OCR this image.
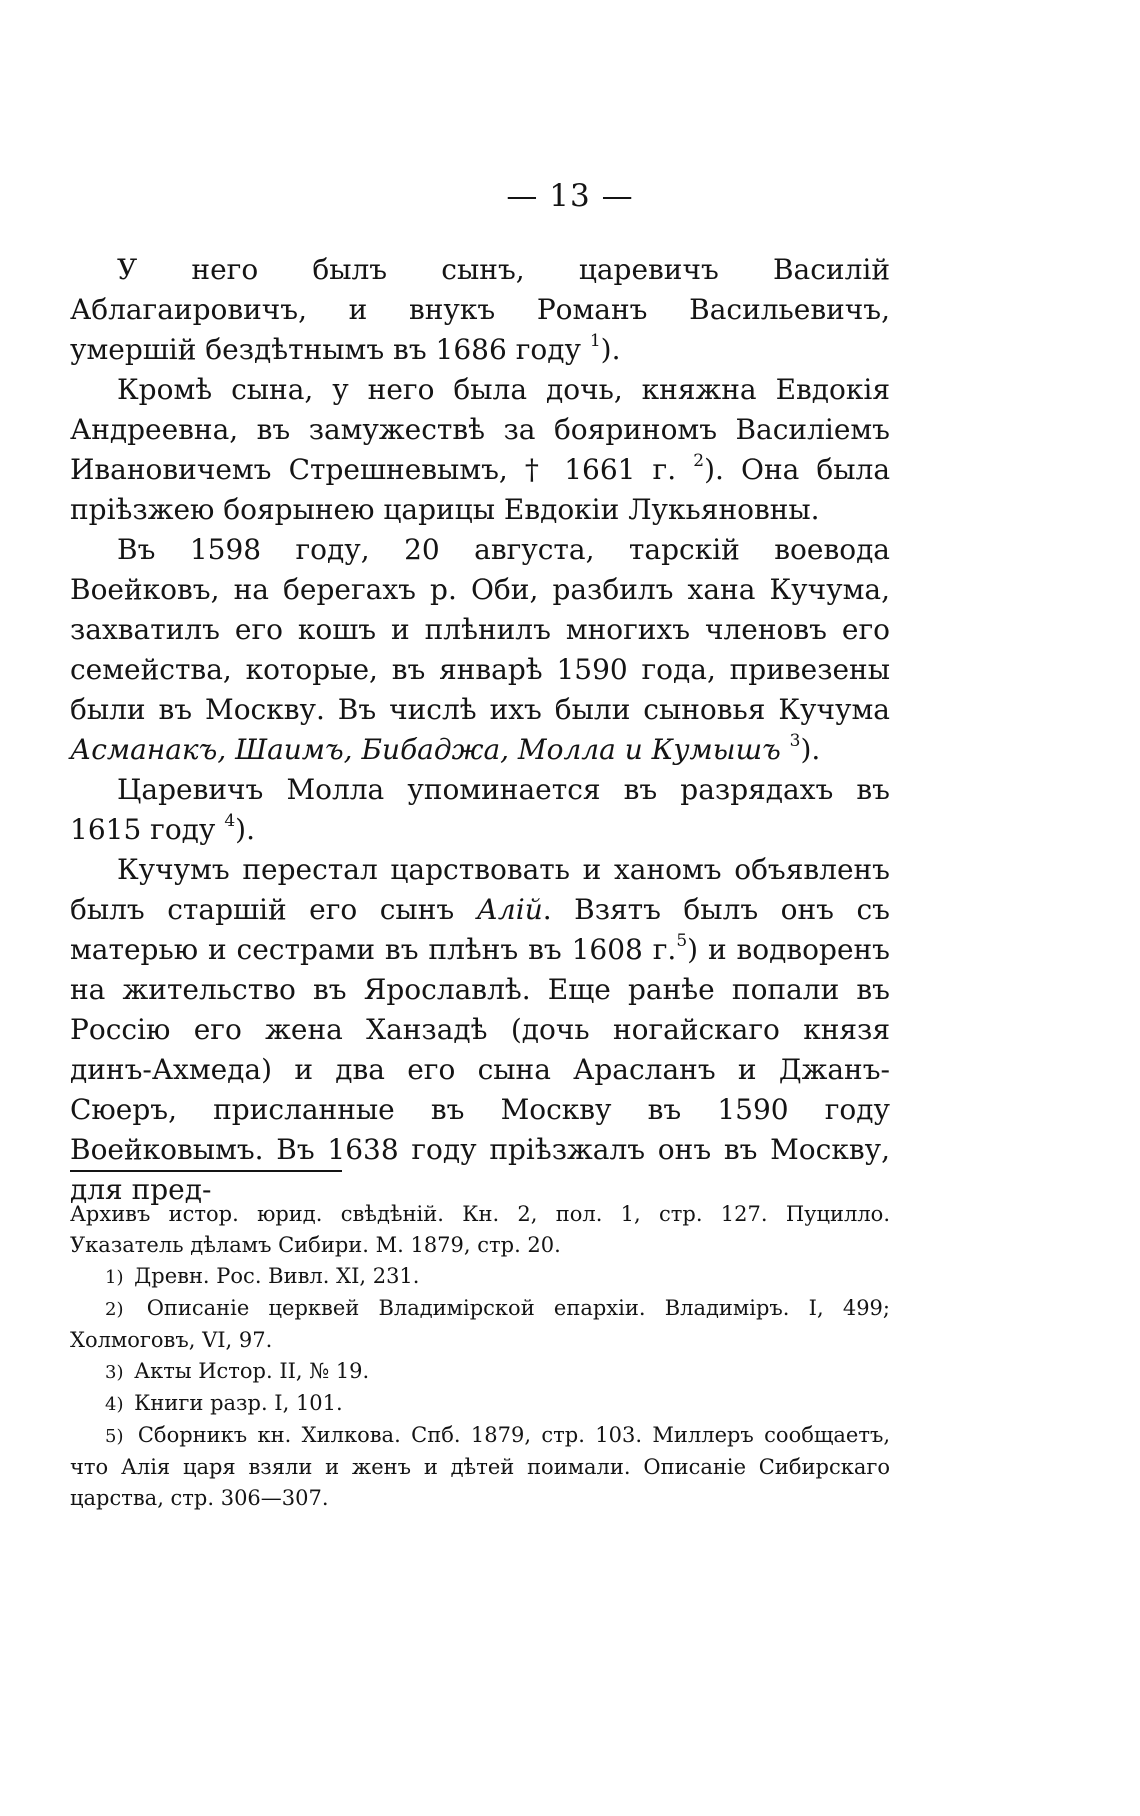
— 13 —

У него былъ сынъ, царевичъ Василій Аблагаировичъ, и внукъ Романъ Васильевичъ, умершій бездѣтнымъ въ 1686 году $^1$).

Кромѣ сына, у него была дочь, княжна Евдокія Андреевна, въ замужествѣ за бояриномъ Василіемъ Ивановичемъ Стрешневымъ, † 1661 г. $^2$). Она была пріѣзжею боярынею царицы Евдокіи Лукьяновны.

Въ 1598 году, 20 августа, тарскій воевода Воейковъ, на берегахъ р. Оби, разбилъ хана Кучума, захватилъ его кошъ и плѣнилъ многихъ членовъ его семейства, которые, въ январѣ 1590 года, привезены были въ Москву. Въ числѣ ихъ были сыновья Кучума Асманакъ, Шаимъ, Бибаджа, Молла и Кумышъ $^3$).

Царевичъ Молла упоминается въ разрядахъ въ 1615 году $^4$).

Кучумъ перестал царствовать и ханомъ объявленъ былъ старшій его сынъ Алій. Взятъ былъ онъ съ матерью и сестрами въ плѣнъ въ 1608 г.$^5$) и водворенъ на жительство въ Ярославлѣ. Еще ранѣе попали въ Россію его жена Ханзадѣ (дочь ногайскаго князя динъ-Ахмеда) и два его сына Арасланъ и Джанъ-Сюеръ, присланные въ Москву въ 1590 году Воейковымъ. Въ 1638 году пріѣзжалъ онъ въ Москву, для пред-

Архивъ истор. юрид. свѣдѣній. Кн. 2, пол. 1, стр. 127. Пуцилло. Указатель дѣламъ Сибири. М. 1879, стр. 20.

1) Древн. Рос. Вивл. XI, 231.

2) Описаніе церквей Владимірской епархіи. Владиміръ. I, 499; Холмоговъ, VI, 97.

3) Акты Истор. II, № 19.

4) Книги разр. I, 101.

5) Сборникъ кн. Хилкова. Спб. 1879, стр. 103. Миллеръ сообщаетъ, что Алія царя взяли и женъ и дѣтей поимали. Описаніе Сибирскаго царства, стр. 306—307.
